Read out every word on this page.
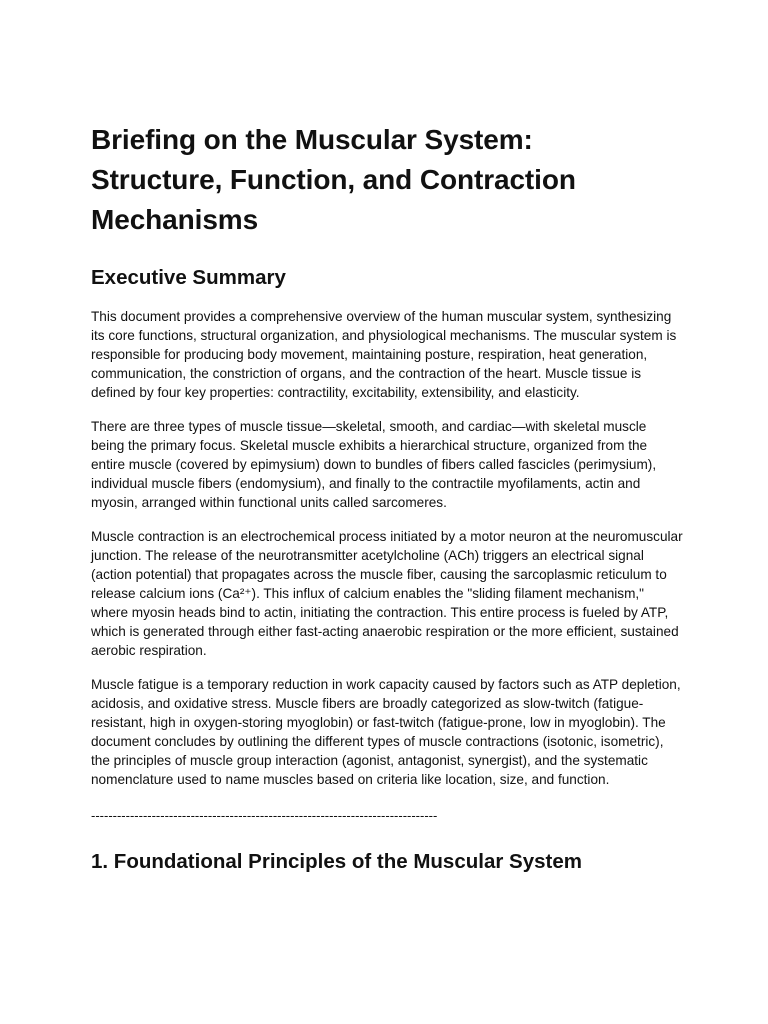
Briefing on the Muscular System:
Structure, Function, and Contraction
Mechanisms
Executive Summary

This document provides a comprehensive overview of the human muscular system, synthesizing its core functions, structural organization, and physiological mechanisms. The muscular system is responsible for producing body movement, maintaining posture, respiration, heat generation, communication, the constriction of organs, and the contraction of the heart. Muscle tissue is defined by four key properties: contractility, excitability, extensibility, and elasticity.

There are three types of muscle tissue—skeletal, smooth, and cardiac—with skeletal muscle being the primary focus. Skeletal muscle exhibits a hierarchical structure, organized from the entire muscle (covered by epimysium) down to bundles of fibers called fascicles (perimysium), individual muscle fibers (endomysium), and finally to the contractile myofilaments, actin and myosin, arranged within functional units called sarcomeres.

Muscle contraction is an electrochemical process initiated by a motor neuron at the neuromuscular junction. The release of the neurotransmitter acetylcholine (ACh) triggers an electrical signal (action potential) that propagates across the muscle fiber, causing the sarcoplasmic reticulum to release calcium ions (Ca²⁺). This influx of calcium enables the "sliding filament mechanism," where myosin heads bind to actin, initiating the contraction. This entire process is fueled by ATP, which is generated through either fast-acting anaerobic respiration or the more efficient, sustained aerobic respiration.

Muscle fatigue is a temporary reduction in work capacity caused by factors such as ATP depletion, acidosis, and oxidative stress. Muscle fibers are broadly categorized as slow-twitch (fatigue-resistant, high in oxygen-storing myoglobin) or fast-twitch (fatigue-prone, low in myoglobin). The document concludes by outlining the different types of muscle contractions (isotonic, isometric), the principles of muscle group interaction (agonist, antagonist, synergist), and the systematic nomenclature used to name muscles based on criteria like location, size, and function.

--------------------------------------------------------------------------------
1. Foundational Principles of the Muscular System
